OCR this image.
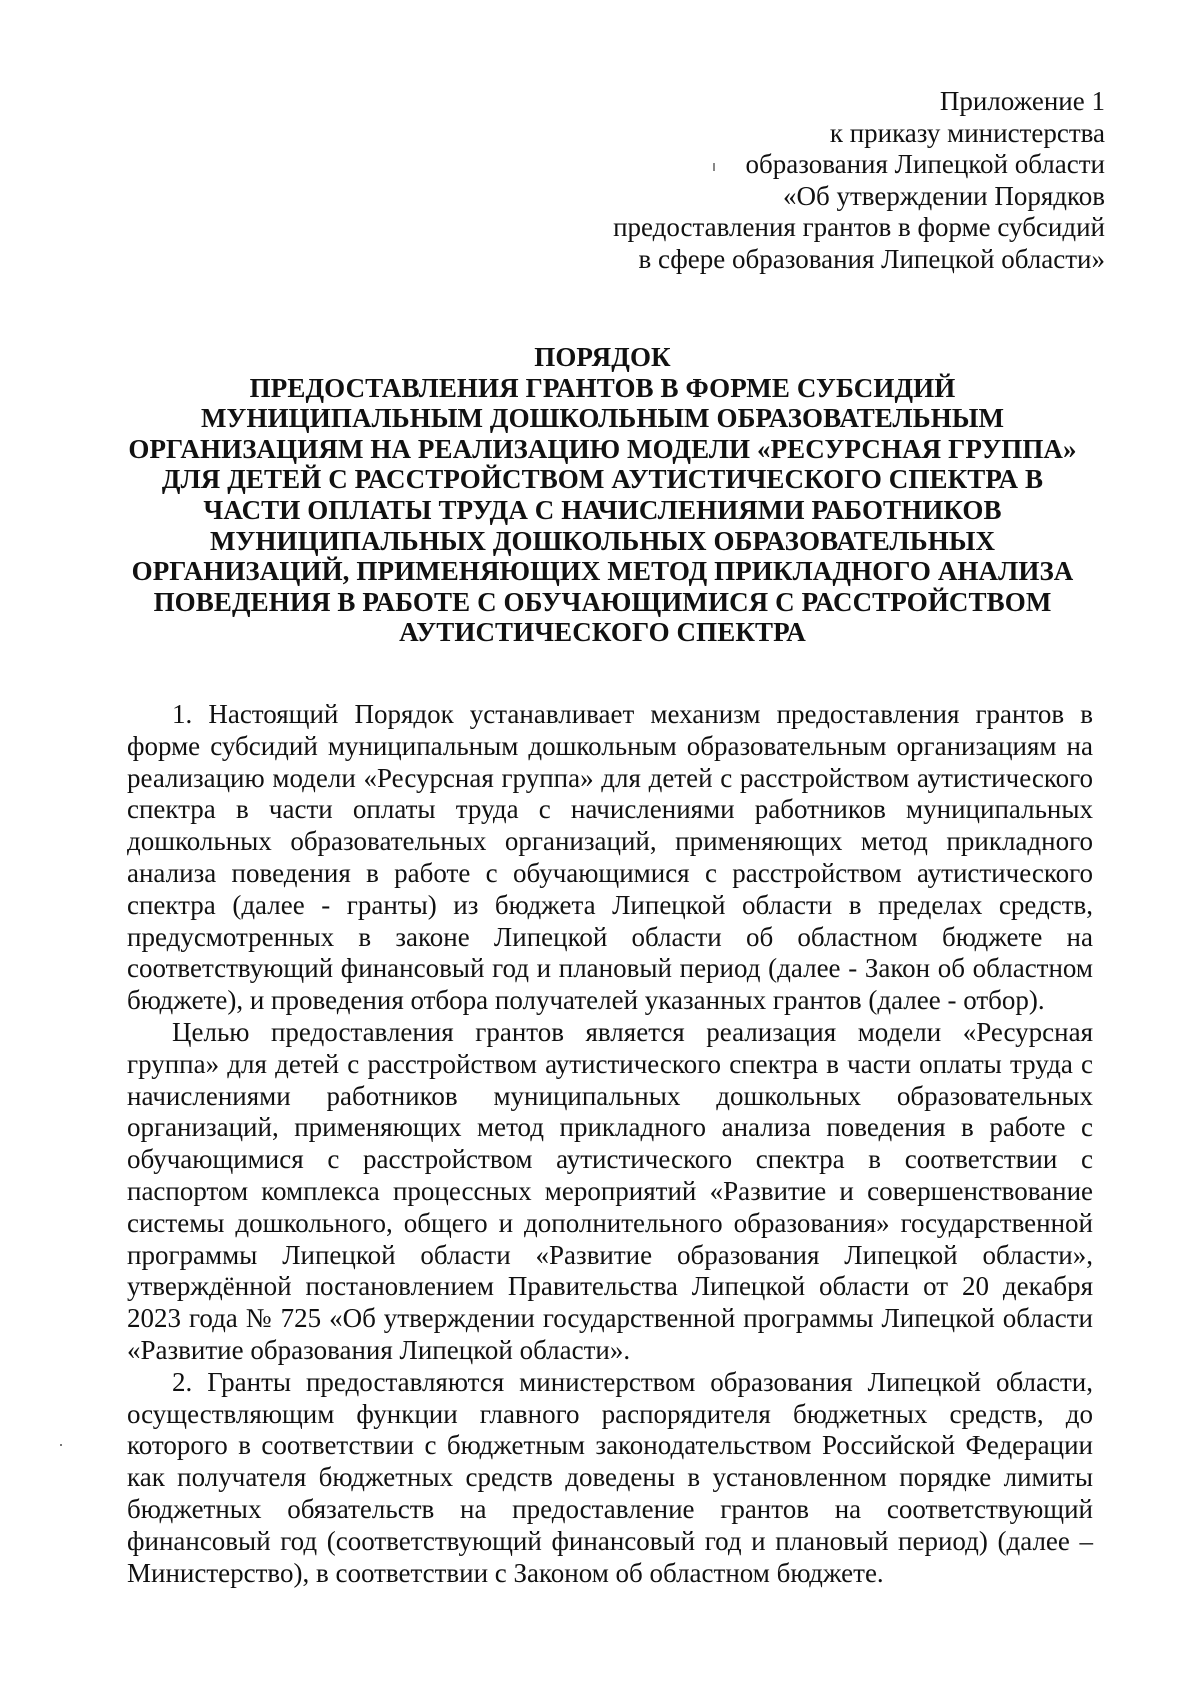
Приложение 1
к приказу министерства
образования Липецкой области
«Об утверждении Порядков
предоставления грантов в форме субсидий
в сфере образования Липецкой области»
ПОРЯДОК
ПРЕДОСТАВЛЕНИЯ ГРАНТОВ В ФОРМЕ СУБСИДИЙ
МУНИЦИПАЛЬНЫМ ДОШКОЛЬНЫМ ОБРАЗОВАТЕЛЬНЫМ
ОРГАНИЗАЦИЯМ НА РЕАЛИЗАЦИЮ МОДЕЛИ «РЕСУРСНАЯ ГРУППА»
ДЛЯ ДЕТЕЙ С РАССТРОЙСТВОМ АУТИСТИЧЕСКОГО СПЕКТРА В
ЧАСТИ ОПЛАТЫ ТРУДА С НАЧИСЛЕНИЯМИ РАБОТНИКОВ
МУНИЦИПАЛЬНЫХ ДОШКОЛЬНЫХ ОБРАЗОВАТЕЛЬНЫХ
ОРГАНИЗАЦИЙ, ПРИМЕНЯЮЩИХ МЕТОД ПРИКЛАДНОГО АНАЛИЗА
ПОВЕДЕНИЯ В РАБОТЕ С ОБУЧАЮЩИМИСЯ С РАССТРОЙСТВОМ
АУТИСТИЧЕСКОГО СПЕКТРА

1. Настоящий Порядок устанавливает механизм предоставления грантов в форме субсидий муниципальным дошкольным образовательным организациям на реализацию модели «Ресурсная группа» для детей с расстройством аутистического спектра в части оплаты труда с начислениями работников муниципальных дошкольных образовательных организаций, применяющих метод прикладного анализа поведения в работе с обучающимися с расстройством аутистического спектра (далее - гранты) из бюджета Липецкой области в пределах средств, предусмотренных в законе Липецкой области об областном бюджете на соответствующий финансовый год и плановый период (далее - Закон об областном бюджете), и проведения отбора получателей указанных грантов (далее - отбор).

Целью предоставления грантов является реализация модели «Ресурсная группа» для детей с расстройством аутистического спектра в части оплаты труда с начислениями работников муниципальных дошкольных образовательных организаций, применяющих метод прикладного анализа поведения в работе с обучающимися с расстройством аутистического спектра в соответствии с паспортом комплекса процессных мероприятий «Развитие и совершенствование системы дошкольного, общего и дополнительного образования» государственной программы Липецкой области «Развитие образования Липецкой области», утверждённой постановлением Правительства Липецкой области от 20 декабря 2023 года № 725 «Об утверждении государственной программы Липецкой области «Развитие образования Липецкой области».

2. Гранты предоставляются министерством образования Липецкой области, осуществляющим функции главного распорядителя бюджетных средств, до которого в соответствии с бюджетным законодательством Российской Федерации как получателя бюджетных средств доведены в установленном порядке лимиты бюджетных обязательств на предоставление грантов на соответствующий финансовый год (соответствующий финансовый год и плановый период) (далее – Министерство), в соответствии с Законом об областном бюджете.
